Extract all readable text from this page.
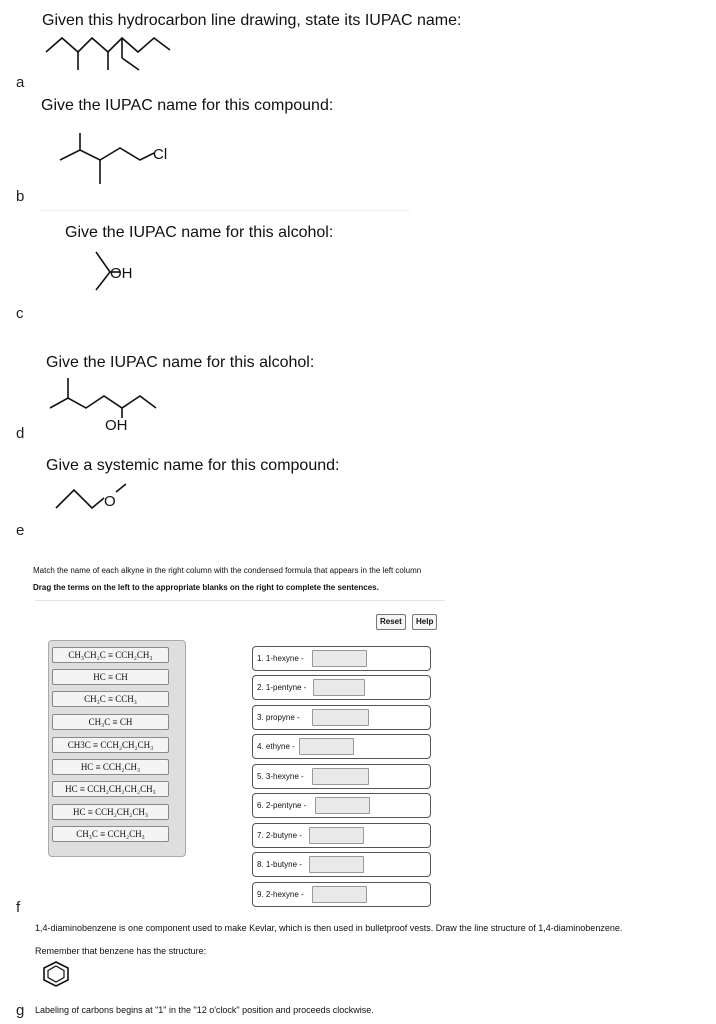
Given this hydrocarbon line drawing, state its IUPAC name:
a
Give the IUPAC name for this compound:
Cl
b
Give the IUPAC name for this alcohol:
OH
c
Give the IUPAC name for this alcohol:
OH
d
Give a systemic name for this compound:
O
e
Match the name of each alkyne in the right column with the condensed formula that appears in the left column
Drag the terms on the left to the appropriate blanks on the right to complete the sentences.
Reset	Help
CH₃CH₂C ≡ CCH₂CH₃
HC ≡ CH
CH₃C ≡ CCH₃
CH₃C ≡ CH
CH3C ≡ CCH₂CH₂CH₃
HC ≡ CCH₂CH₃
HC ≡ CCH₂CH₂CH₂CH₃
HC ≡ CCH₂CH₂CH₃
CH₃C ≡ CCH₂CH₃
1. 1-hexyne -
2. 1-pentyne -
3. propyne -
4. ethyne -
5. 3-hexyne -
6. 2-pentyne -
7. 2-butyne -
8. 1-butyne -
9. 2-hexyne -
f
1,4-diaminobenzene is one component used to make Kevlar, which is then used in bulletproof vests. Draw the line structure of 1,4-diaminobenzene.
Remember that benzene has the structure:
g Labeling of carbons begins at "1" in the "12 o'clock" position and proceeds clockwise.
